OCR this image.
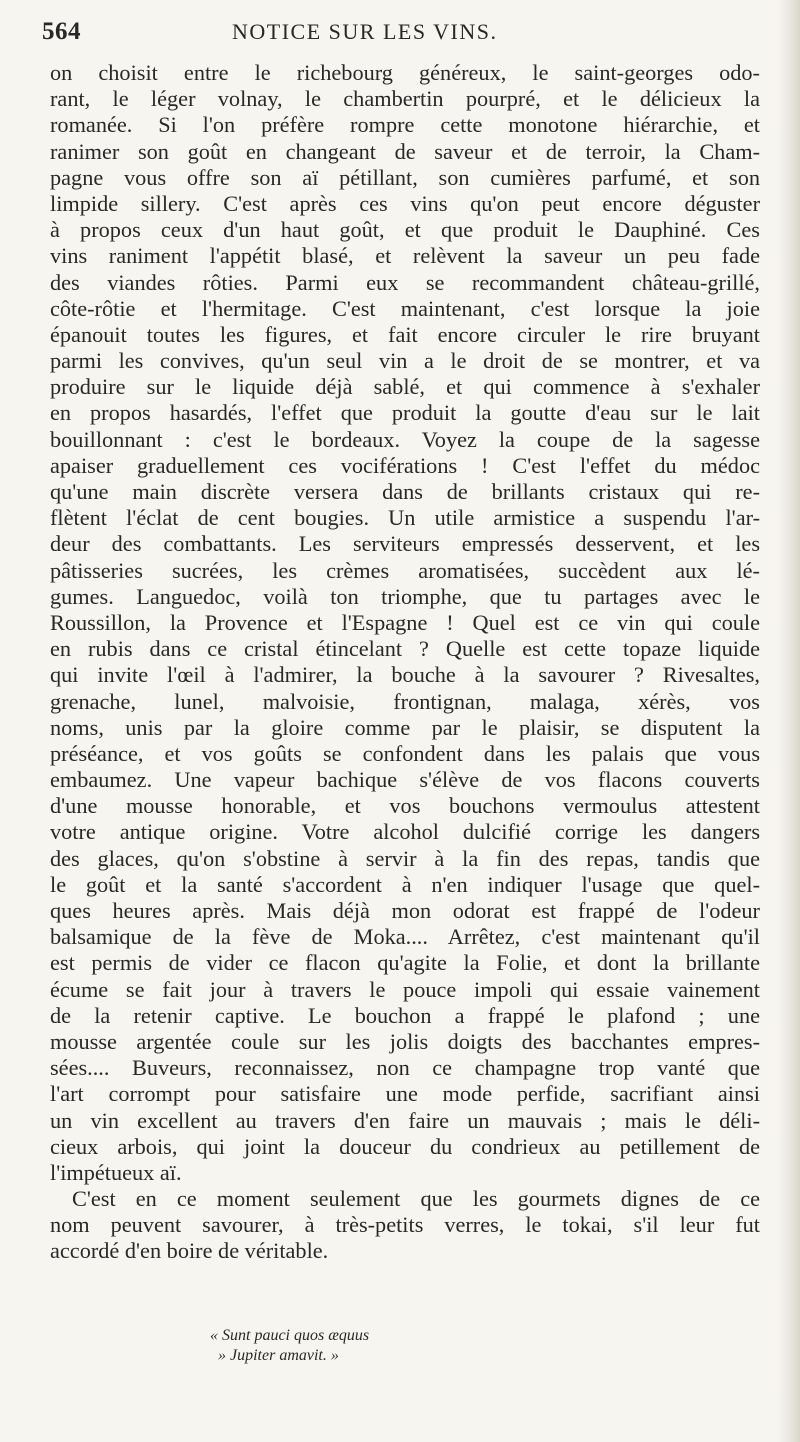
564	NOTICE SUR LES VINS.
on choisit entre le richebourg généreux, le saint-georges odo-
rant, le léger volnay, le chambertin pourpré, et le délicieux la
romanée. Si l'on préfère rompre cette monotone hiérarchie, et
ranimer son goût en changeant de saveur et de terroir, la Cham-
pagne vous offre son aï pétillant, son cumières parfumé, et son
limpide sillery. C'est après ces vins qu'on peut encore déguster
à propos ceux d'un haut goût, et que produit le Dauphiné. Ces
vins raniment l'appétit blasé, et relèvent la saveur un peu fade
des viandes rôties. Parmi eux se recommandent château-grillé,
côte-rôtie et l'hermitage. C'est maintenant, c'est lorsque la joie
épanouit toutes les figures, et fait encore circuler le rire bruyant
parmi les convives, qu'un seul vin a le droit de se montrer, et va
produire sur le liquide déjà sablé, et qui commence à s'exhaler
en propos hasardés, l'effet que produit la goutte d'eau sur le lait
bouillonnant : c'est le bordeaux. Voyez la coupe de la sagesse
apaiser graduellement ces vociférations ! C'est l'effet du médoc
qu'une main discrète versera dans de brillants cristaux qui re-
flètent l'éclat de cent bougies. Un utile armistice a suspendu l'ar-
deur des combattants. Les serviteurs empressés desservent, et les
pâtisseries sucrées, les crèmes aromatisées, succèdent aux lé-
gumes. Languedoc, voilà ton triomphe, que tu partages avec le
Roussillon, la Provence et l'Espagne ! Quel est ce vin qui coule
en rubis dans ce cristal étincelant ? Quelle est cette topaze liquide
qui invite l'œil à l'admirer, la bouche à la savourer ? Rivesaltes,
grenache, lunel, malvoisie, frontignan, malaga, xérès, vos
noms, unis par la gloire comme par le plaisir, se disputent la
préséance, et vos goûts se confondent dans les palais que vous
embaumez. Une vapeur bachique s'élève de vos flacons couverts
d'une mousse honorable, et vos bouchons vermoulus attestent
votre antique origine. Votre alcohol dulcifié corrige les dangers
des glaces, qu'on s'obstine à servir à la fin des repas, tandis que
le goût et la santé s'accordent à n'en indiquer l'usage que quel-
ques heures après. Mais déjà mon odorat est frappé de l'odeur
balsamique de la fève de Moka.... Arrêtez, c'est maintenant qu'il
est permis de vider ce flacon qu'agite la Folie, et dont la brillante
écume se fait jour à travers le pouce impoli qui essaie vainement
de la retenir captive. Le bouchon a frappé le plafond ; une
mousse argentée coule sur les jolis doigts des bacchantes empres-
sées.... Buveurs, reconnaissez, non ce champagne trop vanté que
l'art corrompt pour satisfaire une mode perfide, sacrifiant ainsi
un vin excellent au travers d'en faire un mauvais ; mais le déli-
cieux arbois, qui joint la douceur du condrieux au petillement de
l'impétueux aï.
C'est en ce moment seulement que les gourmets dignes de ce
nom peuvent savourer, à très-petits verres, le tokai, s'il leur fut
accordé d'en boire de véritable.
« Sunt pauci quos æquus
» Jupiter amavit. »
